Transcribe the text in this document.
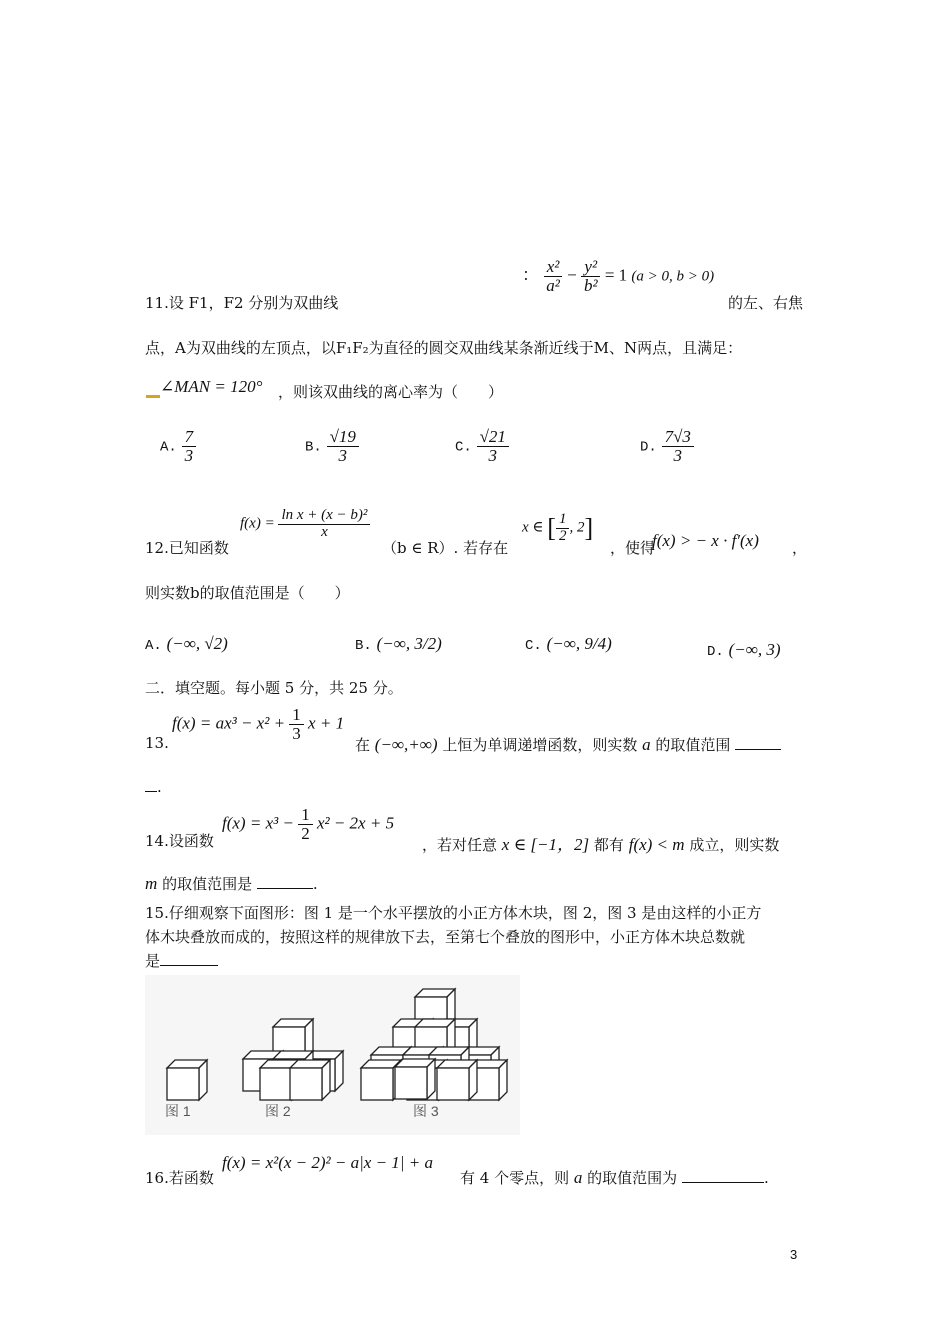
11.设 F1，F2 分别为双曲线
： $\frac{\text{x²}}{\text{a²}} - \frac{\text{y²}}{\text{b²}} = 1$ (a > 0, b > 0)
的左、右焦
点，A为双曲线的左顶点，以F₁F₂为直径的圆交双曲线某条渐近线于M、N两点，且满足：
∠MAN = 120° ，则该双曲线的离心率为（　　）
A. $\frac{7}{3}$	B. $\frac{√19}{3}$	C. $\frac{√21}{3}$	D. $\frac{7√3}{3}$
12.已知函数
$f(x) = \frac{\text{ln x + (x − b)²}}{x}$
（b ∈ R）. 若存在
x ∈ [ $\frac{1}{2}$ , 2]
，使得
f(x) > − x · f′(x) ，
则实数b的取值范围是（　　）
A. (−∞, √2)	B. (−∞, 3/2)	C. (−∞, 9/4)	D. (−∞, 3)
二．填空题。每小题 5 分，共 25 分。
13.
$f(x) = ax^3 - x^2 + \frac{1}{3}$ x + 1
在 (−∞,+∞) 上恒为单调递增函数，则实数 a 的取值范围
.
14.设函数
$f(x) = x^3 - \frac{1}{2} x^2 - 2x + 5$
，若对任意 x ∈ [−1，2] 都有 f(x) < m 成立，则实数
m 的取值范围是	.
15.仔细观察下面图形：图 1 是一个水平摆放的小正方体木块，图 2，图 3 是由这样的小正方
体木块叠放而成的，按照这样的规律放下去，至第七个叠放的图形中，小正方体木块总数就
是
图 1	图 2	图 3
16.若函数
f(x) = x²(x − 2)² − a|x − 1| + a
有 4 个零点，则 a 的取值范围为	.
3
